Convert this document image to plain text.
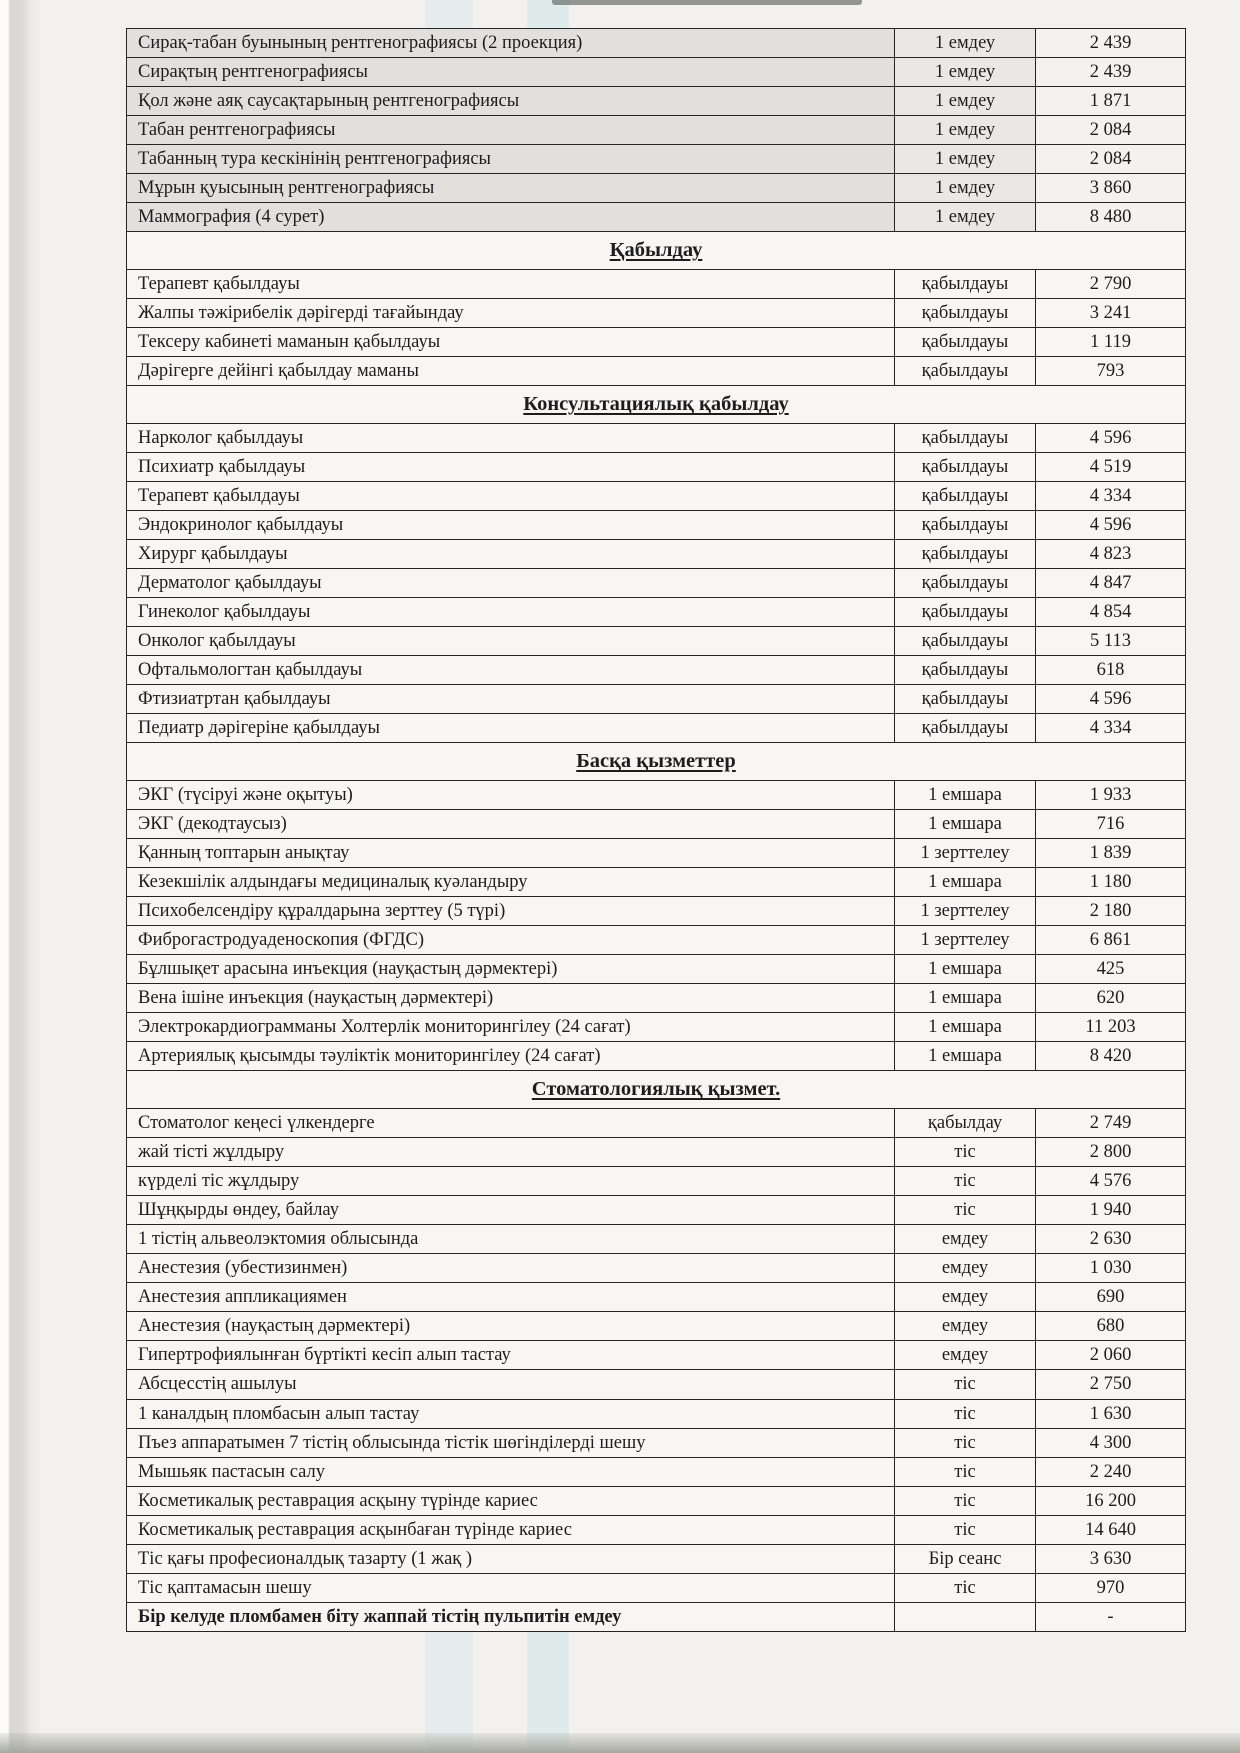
Сирақ-табан буынының рентгенографиясы (2 проекция)	1 емдеу	2 439
Сирақтың рентгенографиясы	1 емдеу	2 439
Қол және аяқ саусақтарының рентгенографиясы	1 емдеу	1 871
Табан рентгенографиясы	1 емдеу	2 084
Табанның тура кескінінің рентгенографиясы	1 емдеу	2 084
Мұрын қуысының рентгенографиясы	1 емдеу	3 860
Маммография (4 сурет)	1 емдеу	8 480
Қабылдау		
Терапевт қабылдауы	қабылдауы	2 790
Жалпы тәжірибелік дәрігерді тағайындау	қабылдауы	3 241
Тексеру кабинеті маманын қабылдауы	қабылдауы	1 119
Дәрігерге дейінгі қабылдау маманы	қабылдауы	793
Консультациялық қабылдау		
Нарколог қабылдауы	қабылдауы	4 596
Психиатр қабылдауы	қабылдауы	4 519
Терапевт қабылдауы	қабылдауы	4 334
Эндокринолог қабылдауы	қабылдауы	4 596
Хирург қабылдауы	қабылдауы	4 823
Дерматолог қабылдауы	қабылдауы	4 847
Гинеколог қабылдауы	қабылдауы	4 854
Онколог қабылдауы	қабылдауы	5 113
Офтальмологтан қабылдауы	қабылдауы	618
Фтизиатртан қабылдауы	қабылдауы	4 596
Педиатр дәрігеріне қабылдауы	қабылдауы	4 334
Басқа қызметтер		
ЭКГ (түсіруі және оқытуы)	1 емшара	1 933
ЭКГ (декодтаусыз)	1 емшара	716
Қанның топтарын анықтау	1 зерттелеу	1 839
Кезекшілік алдындағы медициналық куәландыру	1 емшара	1 180
Психобелсендіру құралдарына зерттеу (5 түрі)	1 зерттелеу	2 180
Фиброгастродуаденоскопия (ФГДС)	1 зерттелеу	6 861
Бұлшықет арасына инъекция (науқастың дәрмектері)	1 емшара	425
Вена ішіне инъекция (науқастың дәрмектері)	1 емшара	620
Электрокардиограмманы Холтерлік мониторингілеу (24 сағат)	1 емшара	11 203
Артериялық қысымды тәуліктік мониторингілеу (24 сағат)	1 емшара	8 420
Стоматологиялық қызмет.		
Стоматолог кеңесі үлкендерге	қабылдау	2 749
жай тісті жұлдыру	тіс	2 800
күрделі тіс жұлдыру	тіс	4 576
Шұңқырды өндеу, байлау	тіс	1 940
1 тістің альвеолэктомия облысында	емдеу	2 630
Анестезия (убестизинмен)	емдеу	1 030
Анестезия аппликациямен	емдеу	690
Анестезия (науқастың дәрмектері)	емдеу	680
Гипертрофиялынған бүртікті кесіп алып тастау	емдеу	2 060
Абсцесстің ашылуы	тіс	2 750
1 каналдың пломбасын алып тастау	тіс	1 630
Пъез аппаратымен 7 тістің облысында тістік шөгінділерді шешу	тіс	4 300
Мышьяк пастасын салу	тіс	2 240
Косметикалық реставрация асқыну түрінде кариес	тіс	16 200
Косметикалық реставрация асқынбаған түрінде кариес	тіс	14 640
Тіс қағы професионалдық тазарту (1 жақ )	Бір сеанс	3 630
Тіс қаптамасын шешу	тіс	970
Бір келуде пломбамен біту жаппай тістің пульпитін емдеу		-
